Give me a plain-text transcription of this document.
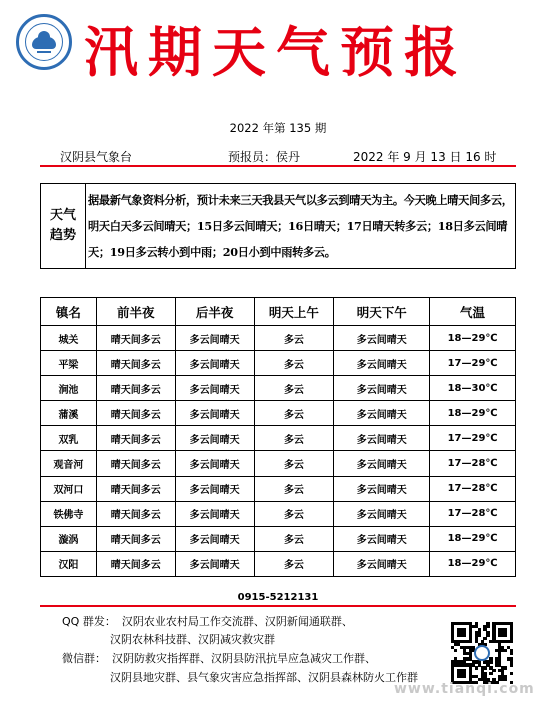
汛期天气预报
2022 年第 135 期
汉阴县气象台	预报员：侯丹	2022 年 9 月 13 日 16 时
天气
趋势
据最新气象资料分析，预计未来三天我县天气以多云到晴天为主。今天晚上晴天间多云，明天白天多云间晴天；15日多云间晴天；16日晴天；17日晴天转多云；18日多云间晴天；19日多云转小到中雨；20日小到中雨转多云。
镇名	前半夜	后半夜	明天上午	明天下午	气温
城关	晴天间多云	多云间晴天	多云	多云间晴天	18—29℃
平梁	晴天间多云	多云间晴天	多云	多云间晴天	17—29℃
涧池	晴天间多云	多云间晴天	多云	多云间晴天	18—30℃
蒲溪	晴天间多云	多云间晴天	多云	多云间晴天	18—29℃
双乳	晴天间多云	多云间晴天	多云	多云间晴天	17—29℃
观音河	晴天间多云	多云间晴天	多云	多云间晴天	17—28℃
双河口	晴天间多云	多云间晴天	多云	多云间晴天	17—28℃
铁佛寺	晴天间多云	多云间晴天	多云	多云间晴天	17—28℃
漩涡	晴天间多云	多云间晴天	多云	多云间晴天	18—29℃
汉阳	晴天间多云	多云间晴天	多云	多云间晴天	18—29℃
0915-5212131
QQ 群发： 汉阴农业农村局工作交流群、汉阴新闻通联群、
汉阴农林科技群、汉阴减灾救灾群
微信群： 汉阴防救灾指挥群、汉阴县防汛抗旱应急减灾工作群、
汉阴县地灾群、县气象灾害应急指挥部、汉阴县森林防火工作群
www.tianqi.com
